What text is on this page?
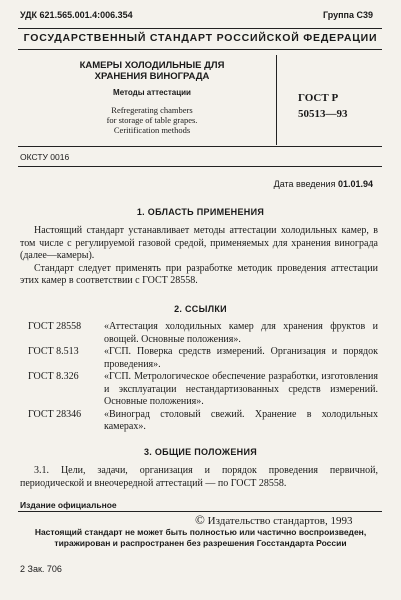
УДК 621.565.001.4:006.354	Группа С39
ГОСУДАРСТВЕННЫЙ СТАНДАРТ РОССИЙСКОЙ ФЕДЕРАЦИИ
КАМЕРЫ ХОЛОДИЛЬНЫЕ ДЛЯ
ХРАНЕНИЯ ВИНОГРАДА
Методы аттестации
Refregerating chambers
for storage of table grapes.
Ceritification methods
ГОСТ Р
50513—93
ОКСТУ 0016
Дата введения 01.01.94
1. ОБЛАСТЬ ПРИМЕНЕНИЯ

Настоящий стандарт устанавливает методы аттестации холодильных камер, в том числе с регулируемой газовой средой, применяемых для хранения винограда (далее—камеры).

Стандарт следует применять при разработке методик проведения аттестации этих камер в соответствии с ГОСТ 28558.

2. ССЫЛКИ
ГОСТ 28558	«Аттестация холодильных камер для хранения фруктов и овощей. Основные положения».
ГОСТ 8.513	«ГСП. Поверка средств измерений. Организация и порядок проведения».
ГОСТ 8.326	«ГСП. Метрологическое обеспечение разработки, изготовления и эксплуатации нестандартизованных средств измерений. Основные положения».
ГОСТ 28346	«Виноград столовый свежий. Хранение в холодильных камерах».
3. ОБЩИЕ ПОЛОЖЕНИЯ

3.1. Цели, задачи, организация и порядок проведения первичной, периодической и внеочередной аттестаций — по ГОСТ 28558.

Издание официальное
© Издательство стандартов, 1993
Настоящий стандарт не может быть полностью или частично воспроизведен,
тиражирован и распространен без разрешения Госстандарта России
2 Зак. 706
